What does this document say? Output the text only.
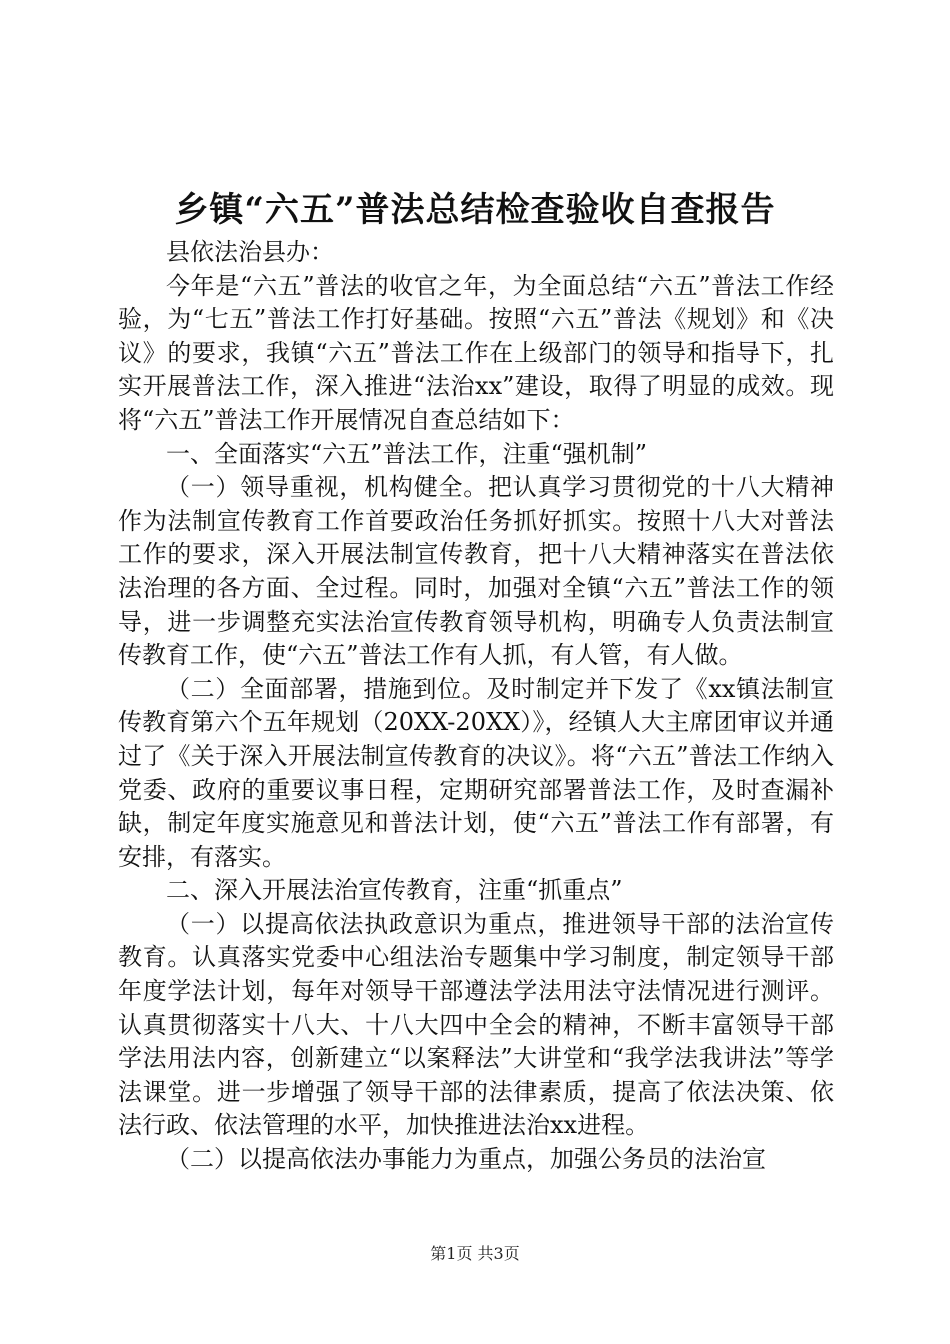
乡镇“六五”普法总结检查验收自查报告

县依法治县办：

今年是“六五”普法的收官之年，为全面总结“六五”普法工作经验，为“七五”普法工作打好基础。按照“六五”普法《规划》和《决议》的要求，我镇“六五”普法工作在上级部门的领导和指导下，扎实开展普法工作，深入推进“法治xx”建设，取得了明显的成效。现将“六五”普法工作开展情况自查总结如下：

一、全面落实“六五”普法工作，注重“强机制”

（一）领导重视，机构健全。把认真学习贯彻党的十八大精神作为法制宣传教育工作首要政治任务抓好抓实。按照十八大对普法工作的要求，深入开展法制宣传教育，把十八大精神落实在普法依法治理的各方面、全过程。同时，加强对全镇“六五”普法工作的领导，进一步调整充实法治宣传教育领导机构，明确专人负责法制宣传教育工作，使“六五”普法工作有人抓，有人管，有人做。

（二）全面部署，措施到位。及时制定并下发了《xx镇法制宣传教育第六个五年规划（20XX-20XX）》，经镇人大主席团审议并通过了《关于深入开展法制宣传教育的决议》。将“六五”普法工作纳入党委、政府的重要议事日程，定期研究部署普法工作，及时查漏补缺，制定年度实施意见和普法计划，使“六五”普法工作有部署，有安排，有落实。

二、深入开展法治宣传教育，注重“抓重点”

（一）以提高依法执政意识为重点，推进领导干部的法治宣传教育。认真落实党委中心组法治专题集中学习制度，制定领导干部年度学法计划，每年对领导干部遵法学法用法守法情况进行测评。认真贯彻落实十八大、十八大四中全会的精神，不断丰富领导干部学法用法内容，创新建立“以案释法”大讲堂和“我学法我讲法”等学法课堂。进一步增强了领导干部的法律素质，提高了依法决策、依法行政、依法管理的水平，加快推进法治xx进程。

（二）以提高依法办事能力为重点，加强公务员的法治宣

第1页 共3页
